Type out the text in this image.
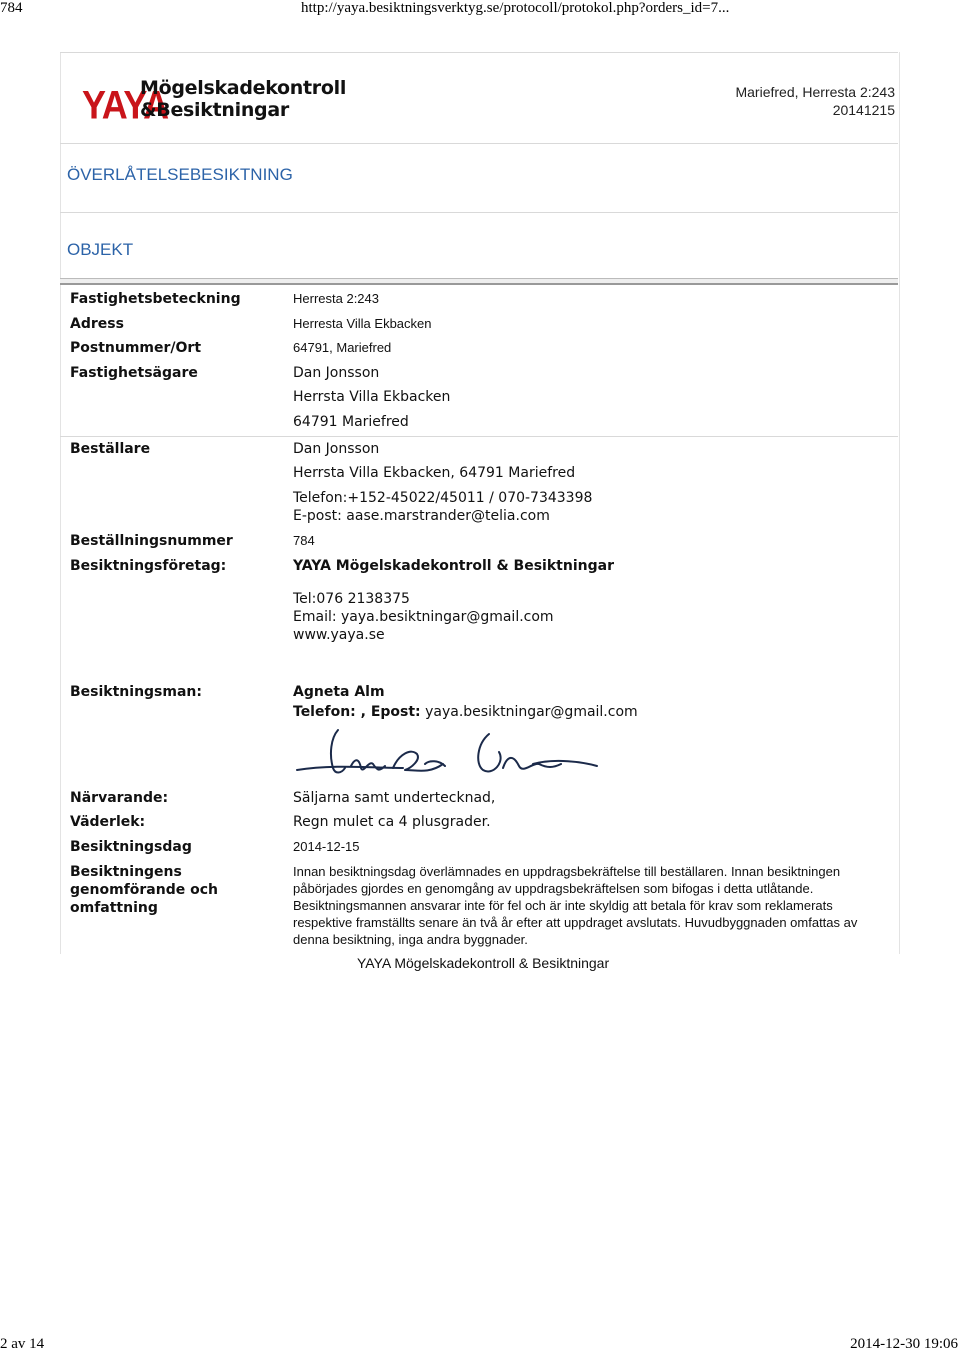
784	http://yaya.besiktningsverktyg.se/protocoll/protokol.php?orders_id=7...
2 av 14	2014-12-30 19:06
YAYA
Mögelskadekontroll
&Besiktningar
Mariefred, Herresta 2:243
20141215
ÖVERLÅTELSEBESIKTNING
OBJEKT
Fastighetsbeteckning	Herresta 2:243
Adress	Herresta Villa Ekbacken
Postnummer/Ort	64791, Mariefred
Fastighetsägare	Dan Jonsson
Herrsta Villa Ekbacken
64791 Mariefred
Beställare	Dan Jonsson
Herrsta Villa Ekbacken, 64791 Mariefred
Telefon:+152-45022/45011 / 070-7343398
E-post: aase.marstrander@telia.com
Beställningsnummer	784
Besiktningsföretag:	YAYA Mögelskadekontroll & Besiktningar
Tel:076 2138375
Email: yaya.besiktningar@gmail.com
www.yaya.se
Besiktningsman:	Agneta Alm
Telefon: , Epost: yaya.besiktningar@gmail.com
Närvarande:	Säljarna samt undertecknad,
Väderlek:	Regn mulet ca 4 plusgrader.
Besiktningsdag	2014-12-15
Besiktningens
genomförande och
omfattning
Innan besiktningsdag överlämnades en uppdragsbekräftelse till beställaren. Innan besiktningen
påbörjades gjordes en genomgång av uppdragsbekräftelsen som bifogas i detta utlåtande.
Besiktningsmannen ansvarar inte för fel och är inte skyldig att betala för krav som reklamerats
respektive framställts senare än två år efter att uppdraget avslutats. Huvudbyggnaden omfattas av
denna besiktning, inga andra byggnader.
YAYA Mögelskadekontroll & Besiktningar
